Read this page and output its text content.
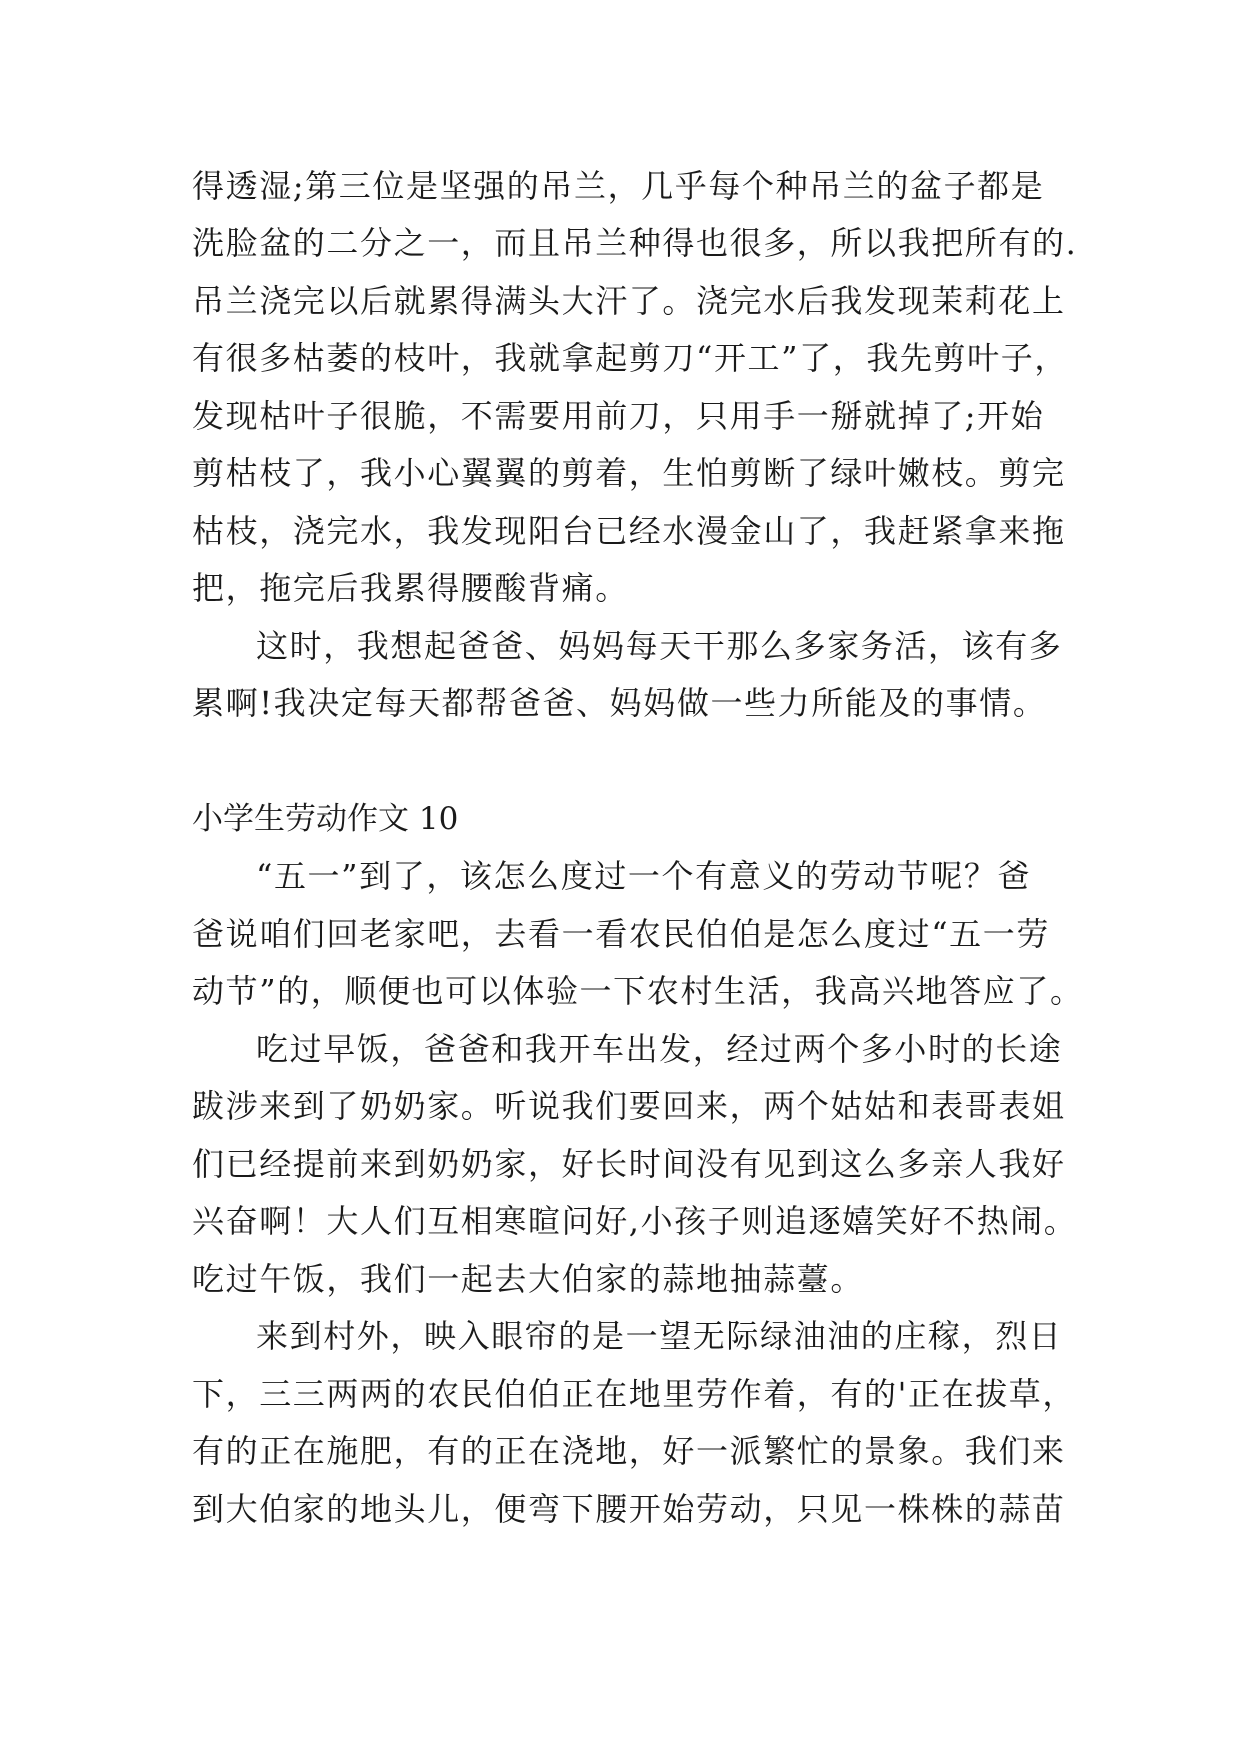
得透湿;第三位是坚强的吊兰，几乎每个种吊兰的盆子都是
洗脸盆的二分之一，而且吊兰种得也很多，所以我把所有的.
吊兰浇完以后就累得满头大汗了。浇完水后我发现茉莉花上
有很多枯萎的枝叶，我就拿起剪刀“开工”了，我先剪叶子，
发现枯叶子很脆，不需要用前刀，只用手一掰就掉了;开始
剪枯枝了，我小心翼翼的剪着，生怕剪断了绿叶嫩枝。剪完
枯枝，浇完水，我发现阳台已经水漫金山了，我赶紧拿来拖
把，拖完后我累得腰酸背痛。
这时，我想起爸爸、妈妈每天干那么多家务活，该有多
累啊!我决定每天都帮爸爸、妈妈做一些力所能及的事情。
小学生劳动作文 10
“五一”到了，该怎么度过一个有意义的劳动节呢？爸
爸说咱们回老家吧，去看一看农民伯伯是怎么度过“五一劳
动节”的，顺便也可以体验一下农村生活，我高兴地答应了。
吃过早饭，爸爸和我开车出发，经过两个多小时的长途
跋涉来到了奶奶家。听说我们要回来，两个姑姑和表哥表姐
们已经提前来到奶奶家，好长时间没有见到这么多亲人我好
兴奋啊！大人们互相寒暄问好,小孩子则追逐嬉笑好不热闹。
吃过午饭，我们一起去大伯家的蒜地抽蒜薹。
来到村外，映入眼帘的是一望无际绿油油的庄稼，烈日
下，三三两两的农民伯伯正在地里劳作着，有的'正在拔草，
有的正在施肥，有的正在浇地，好一派繁忙的景象。我们来
到大伯家的地头儿，便弯下腰开始劳动，只见一株株的蒜苗
